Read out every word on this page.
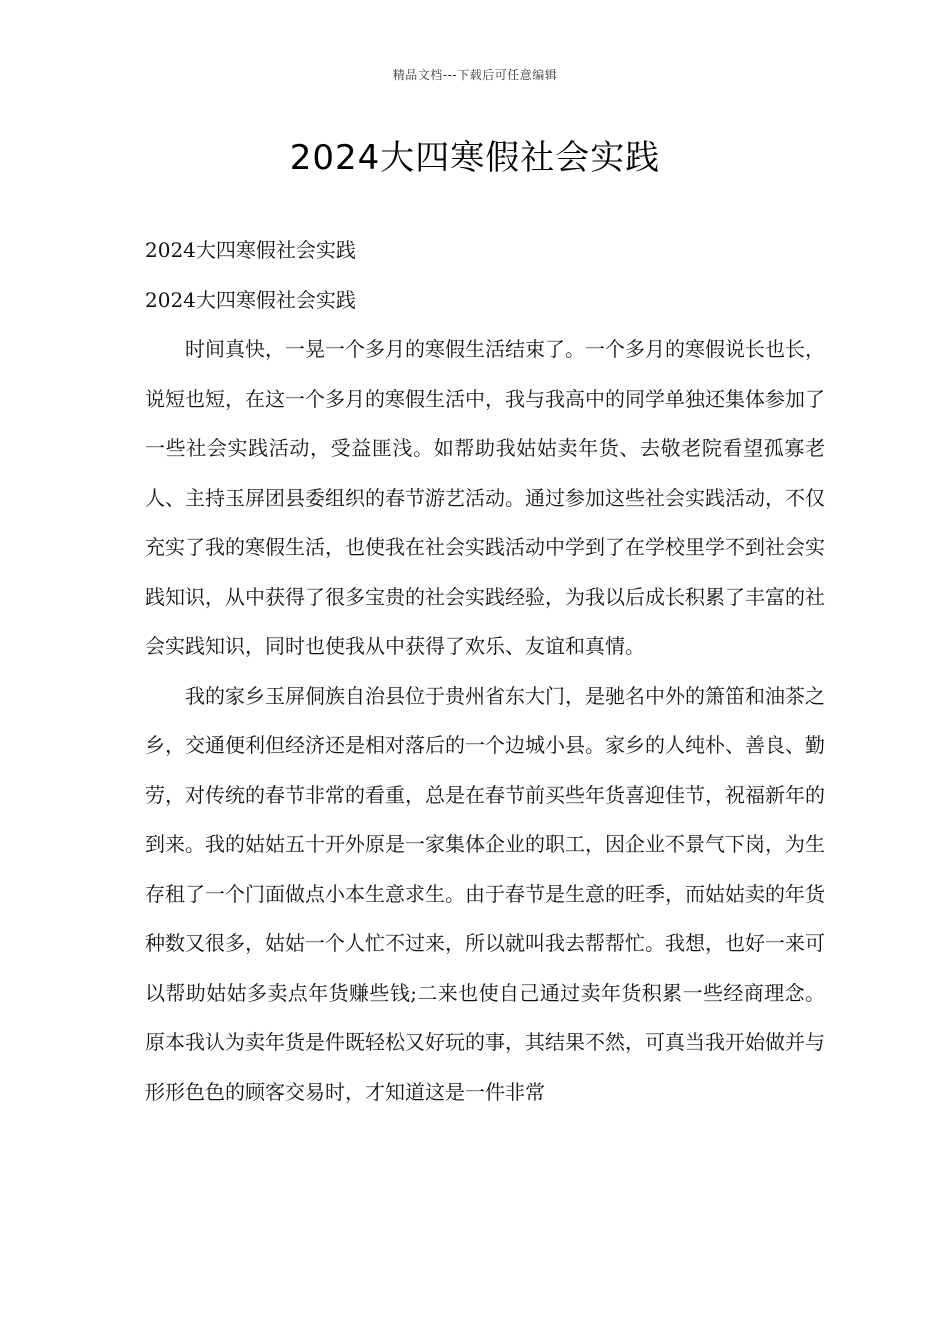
精品文档---下载后可任意编辑
2024大四寒假社会实践

2024大四寒假社会实践

2024大四寒假社会实践

时间真快，一晃一个多月的寒假生活结束了。一个多月的寒假说长也长，说短也短，在这一个多月的寒假生活中，我与我高中的同学单独还集体参加了一些社会实践活动，受益匪浅。如帮助我姑姑卖年货、去敬老院看望孤寡老人、主持玉屏团县委组织的春节游艺活动。通过参加这些社会实践活动，不仅充实了我的寒假生活，也使我在社会实践活动中学到了在学校里学不到社会实践知识，从中获得了很多宝贵的社会实践经验，为我以后成长积累了丰富的社会实践知识，同时也使我从中获得了欢乐、友谊和真情。

我的家乡玉屏侗族自治县位于贵州省东大门，是驰名中外的箫笛和油茶之乡，交通便利但经济还是相对落后的一个边城小县。家乡的人纯朴、善良、勤劳，对传统的春节非常的看重，总是在春节前买些年货喜迎佳节，祝福新年的到来。我的姑姑五十开外原是一家集体企业的职工，因企业不景气下岗，为生存租了一个门面做点小本生意求生。由于春节是生意的旺季，而姑姑卖的年货种数又很多，姑姑一个人忙不过来，所以就叫我去帮帮忙。我想，也好一来可以帮助姑姑多卖点年货赚些钱;二来也使自己通过卖年货积累一些经商理念。原本我认为卖年货是件既轻松又好玩的事，其结果不然，可真当我开始做并与形形色色的顾客交易时，才知道这是一件非常
